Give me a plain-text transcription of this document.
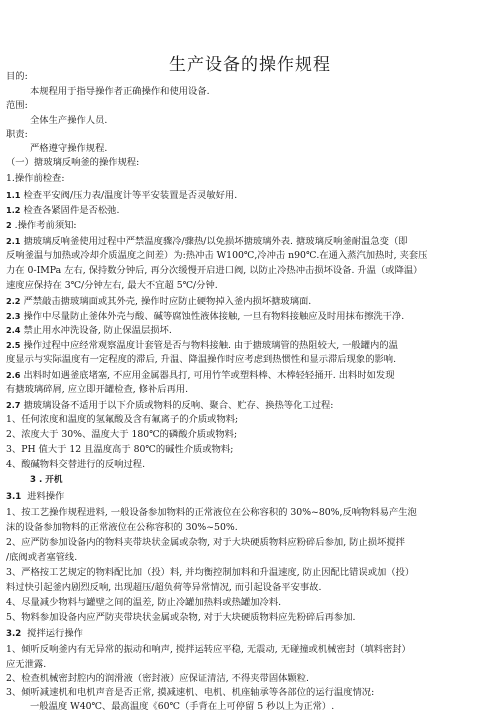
生产设备的操作规程
目的:
本规程用于指导操作者正确操作和使用设备.
范围:
全体生产操作人员.
职责:
严格遵守操作规程.
（一）搪玻璃反响釜的操作规程:
1.操作前检查:
1.1 检查平安阀/压力表/温度计等平安装置是否灵敏好用.
1.2 检查各紧固件是否松弛.
2 .操作考前须知:
2.1 搪玻璃反响釜使用过程中严禁温度骤冷/骤热/以免损坏搪玻璃外表. 搪玻璃反响釜耐温急变（即
反响釜温与加热或冷却介质温度之间差）为:热冲击 W100℃,冷冲击 n90℃.在通入蒸汽加热时, 夹套压
力在 0-IMPa 左右, 保持数分钟后, 再分次缓慢开启进口阀, 以防止冷热冲击损坏设备. 升温（或降温）
速度应保持在 3℃/分钟左右, 最大不宜超 5℃/分钟.
2.2 严禁敲击搪玻璃面或其外壳, 操作时应防止硬物掉入釜内损坏搪玻璃面.
2.3 操作中尽量防止釜体外壳与酸、碱等腐蚀性液体接触, 一旦有物料接触应及时用抹布擦洗干净.
2.4 禁止用水冲洗设备, 防止保温层损坏.
2.5 操作过程中应经常观察温度计套管是否与物料接触. 由于搪玻璃管的热阻较大, 一般罐内的温
度显示与实际温度有一定程度的滞后, 升温、降温操作时应考虑到热惯性和显示滞后现象的影响.
2.6 出料时如遇釜底堵塞, 不应用金属器具打, 可用竹竿或塑料棒、木棒轻轻捅开. 出料时如发现
有搪玻璃碎屑, 应立即开罐检查, 修补后再用.
2.7 搪玻璃设备不适用于以下介质或物料的反响、聚合、贮存、换热等化工过程:
1、任何浓度和温度的氢氟酸及含有氟离子的介质或物料;
2、浓度大于 30%、温度大于 180℃的磷酸介质或物料;
3、PH 值大于 12 且温度高于 80℃的碱性介质或物料;
4、酸碱物料交替进行的反响过程.
3 . 开机
3.1 进料操作
1、按工艺操作规程进料, 一般设备参加物料的正常液位在公称容积的 30%~80%,反响物料易产生泡
沫的设备参加物料的正常液位在公称容积的 30%~50%.
2、应严防参加设备内的物料夹带块状金属或杂物, 对于大块硬质物料应粉碎后参加, 防止损坏搅拌
/底阀或者塞管线.
3、严格按工艺规定的物料配比加（投）料, 并均衡控制加料和升温速度, 防止因配比错误或加（投）
料过快引起釜内剧烈反响, 出现超压/超负荷等异常情况, 而引起设备平安事故.
4、尽量减少物料与罐壁之间的温差, 防止冷罐加热料或热罐加冷料.
5、物料参加设备内应严防夹带块状金属或杂物, 对于大块硬质物料应先粉碎后再参加.
3.2 搅拌运行操作
1、倾听反响釜内有无异常的振动和响声, 搅拌运转应平稳, 无震动, 无碰撞或机械密封（填料密封）
应无泄露.
2、检查机械密封腔内的润滑液（密封液）应保证清洁, 不得夹带固体颗粒.
3、倾听减速机和电机声音是否正常, 摸减速机、电机、机座轴承等各部位的运行温度情况:
一般温度 W40℃、最高温度《60℃（手背在上可停留 5 秒以上为正常）.
